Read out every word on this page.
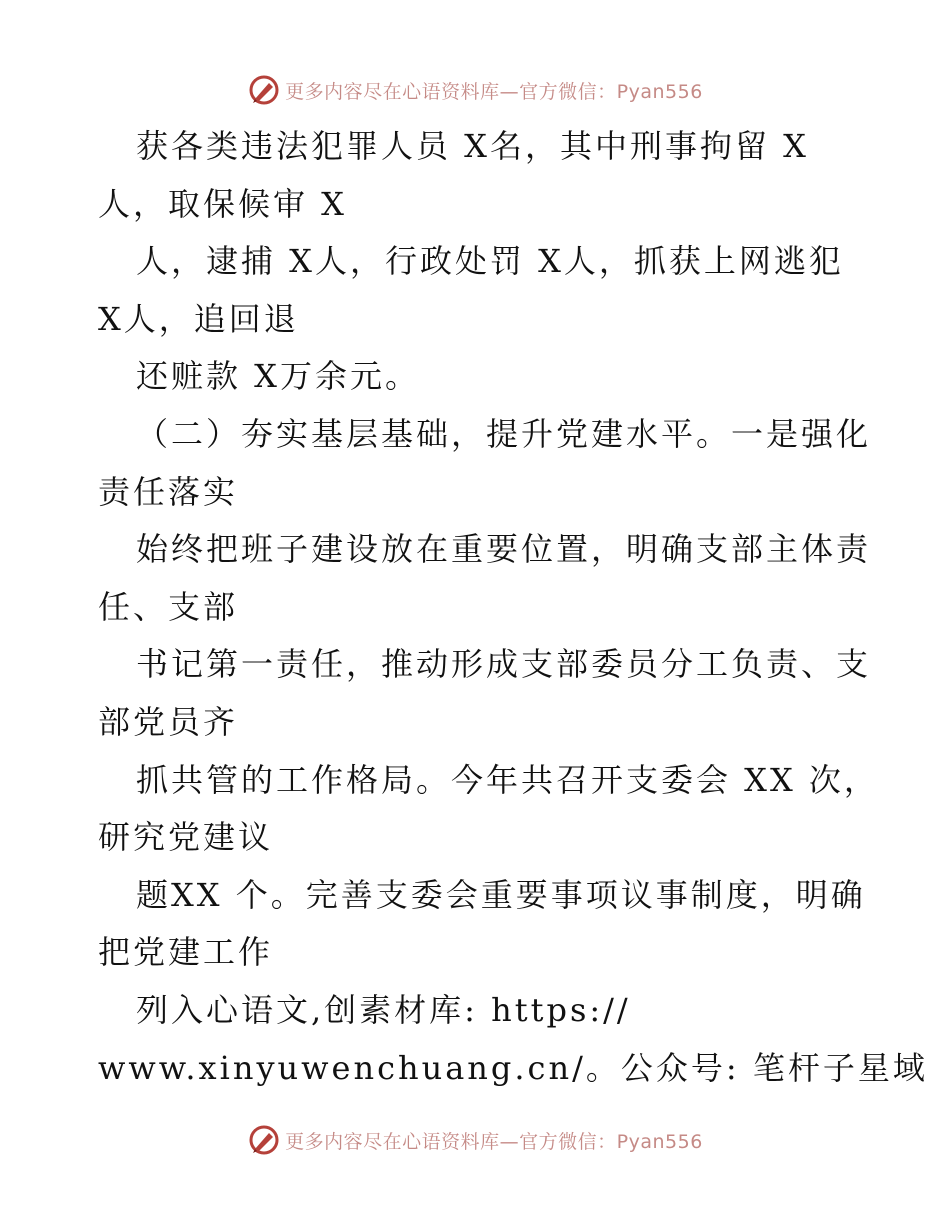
更多内容尽在心语资料库—官方微信：Pyan556
获各类违法犯罪人员 X名，其中刑事拘留 X
人，取保候审 X
人，逮捕 X人，行政处罚 X人，抓获上网逃犯
X人，追回退
还赃款 X万余元。
（二）夯实基层基础，提升党建水平。一是强化
责任落实
始终把班子建设放在重要位置，明确支部主体责
任、支部
书记第一责任，推动形成支部委员分工负责、支
部党员齐
抓共管的工作格局。今年共召开支委会 XX 次，
研究党建议
题XX 个。完善支委会重要事项议事制度，明确
把党建工作
列入心语文,创素材库: https://
www.xinyuwenchuang.cn/。公众号: 笔杆子星域
更多内容尽在心语资料库—官方微信：Pyan556
